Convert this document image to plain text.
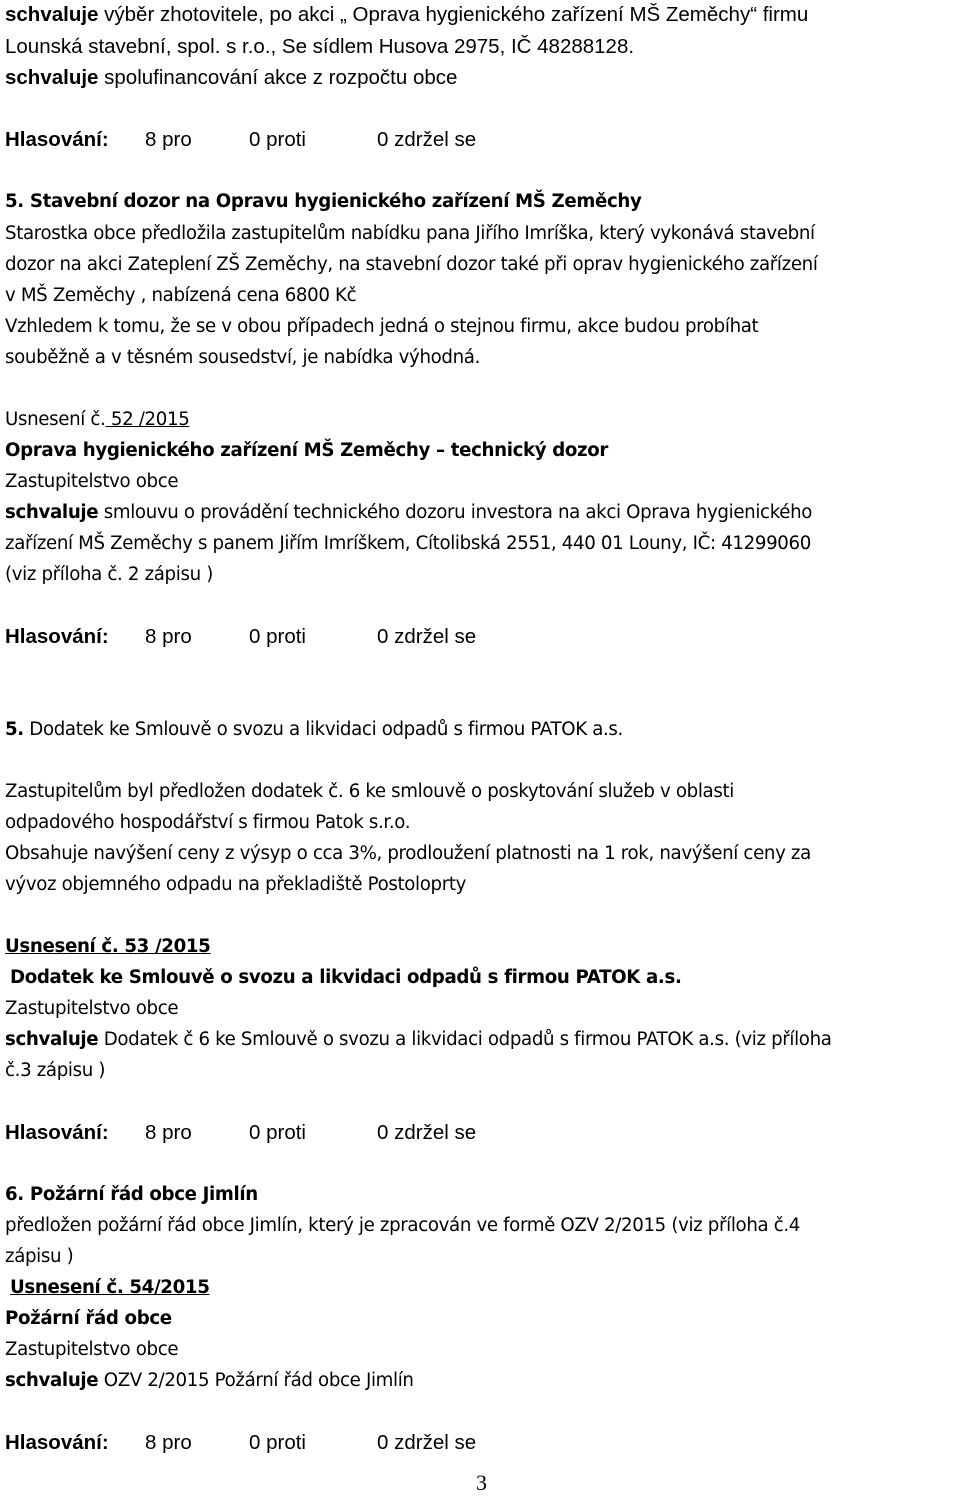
schvaluje výběr zhotovitele, po akci „ Oprava hygienického zařízení MŠ Zeměchy“ firmu
Lounská stavební, spol. s r.o., Se sídlem Husova 2975, IČ 48288128.
schvaluje spolufinancování akce z rozpočtu obce
Hlasování: 8 pro	0 proti	0 zdržel se
5. Stavební dozor na Opravu hygienického zařízení MŠ Zeměchy
Starostka obce předložila zastupitelům nabídku pana Jiřího Imríška, který vykonává stavební
dozor na akci Zateplení ZŠ Zeměchy, na stavební dozor také při oprav hygienického zařízení
v MŠ Zeměchy , nabízená cena 6800 Kč
Vzhledem k tomu, že se v obou případech jedná o stejnou firmu, akce budou probíhat
souběžně a v těsném sousedství, je nabídka výhodná.
Usnesení č. 52 /2015
Oprava hygienického zařízení MŠ Zeměchy – technický dozor
Zastupitelstvo obce
schvaluje smlouvu o provádění technického dozoru investora na akci Oprava hygienického
zařízení MŠ Zeměchy s panem Jiřím Imríškem, Cítolibská 2551, 440 01 Louny, IČ: 41299060
(viz příloha č. 2 zápisu )
Hlasování: 8 pro	0 proti	0 zdržel se
5. Dodatek ke Smlouvě o svozu a likvidaci odpadů s firmou PATOK a.s.
Zastupitelům byl předložen dodatek č. 6 ke smlouvě o poskytování služeb v oblasti
odpadového hospodářství s firmou Patok s.r.o.
Obsahuje navýšení ceny z výsyp o cca 3%, prodloužení platnosti na 1 rok, navýšení ceny za
vývoz objemného odpadu na překladiště Postoloprty
Usnesení č. 53 /2015
Dodatek ke Smlouvě o svozu a likvidaci odpadů s firmou PATOK a.s.
Zastupitelstvo obce
schvaluje Dodatek č 6 ke Smlouvě o svozu a likvidaci odpadů s firmou PATOK a.s. (viz příloha
č.3 zápisu )
Hlasování: 8 pro	0 proti	0 zdržel se
6. Požární řád obce Jimlín
předložen požární řád obce Jimlín, který je zpracován ve formě OZV 2/2015 (viz příloha č.4
zápisu )
Usnesení č. 54/2015
Požární řád obce
Zastupitelstvo obce
schvaluje OZV 2/2015 Požární řád obce Jimlín
Hlasování: 8 pro	0 proti	0 zdržel se
3
